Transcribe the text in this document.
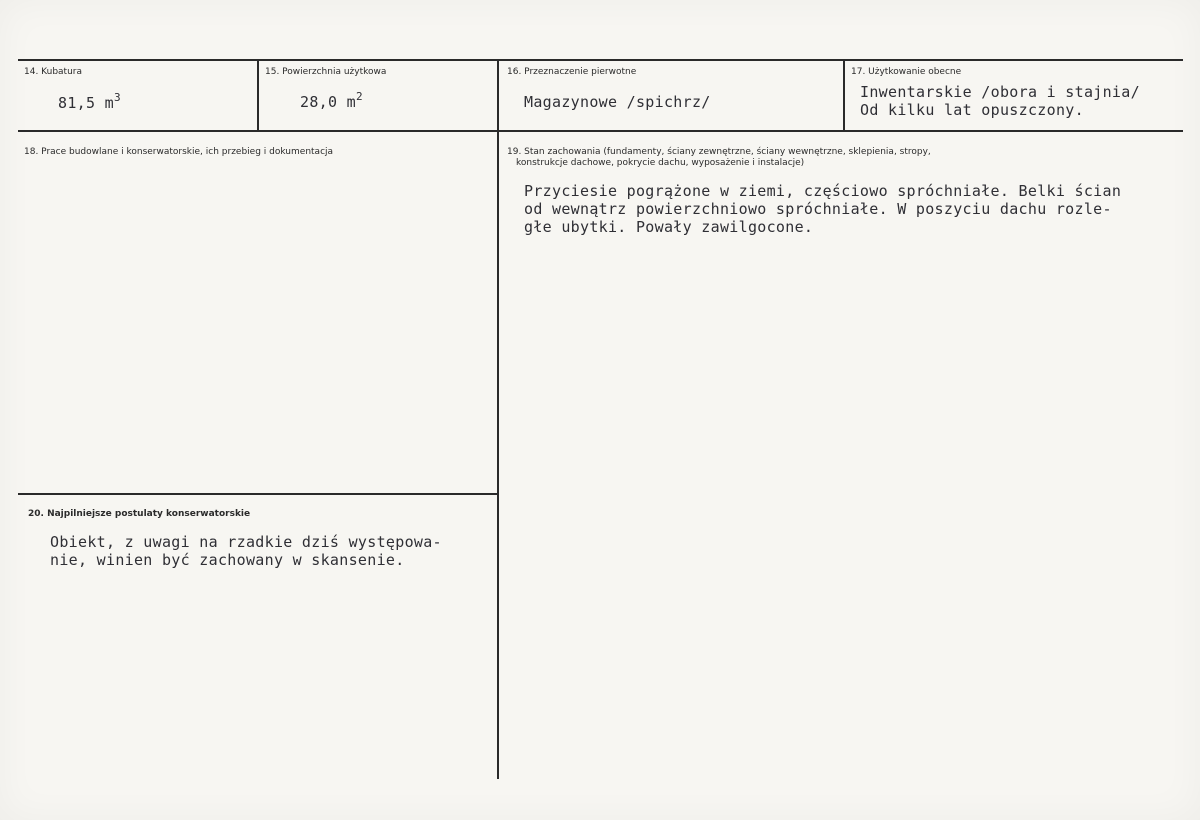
14. Kubatura
81,5 $m^3$
15. Powierzchnia użytkowa
28,0 $m^2$
16. Przeznaczenie pierwotne
Magazynowe /spichrz/
17. Użytkowanie obecne
Inwentarskie /obora i stajnia/
Od kilku lat opuszczony.
18. Prace budowlane i konserwatorskie, ich przebieg i dokumentacja	19. Stan zachowania (fundamenty, ściany zewnętrzne, ściany wewnętrzne, sklepienia, stropy,
konstrukcje dachowe, pokrycie dachu, wyposażenie i instalacje)
Przyciesie pogrążone w ziemi, częściowo spróchniałe. Belki ścian
od wewnątrz powierzchniowo spróchniałe. W poszyciu dachu rozle-
głe ubytki. Powały zawilgocone.
20. Najpilniejsze postulaty konserwatorskie
Obiekt, z uwagi na rzadkie dziś występowa-
nie, winien być zachowany w skansenie.
